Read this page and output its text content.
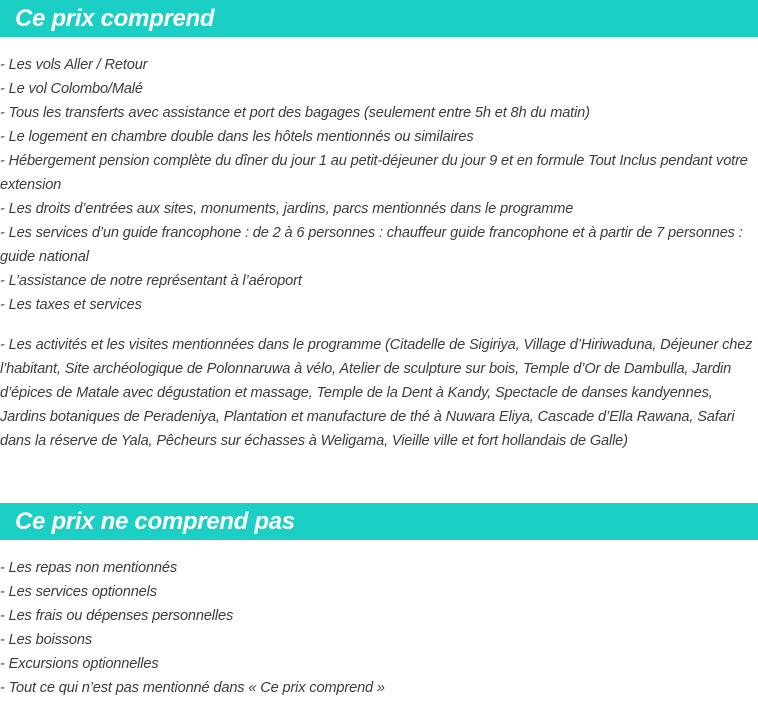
Ce prix comprend
- Les vols Aller / Retour
- Le vol Colombo/Malé
- Tous les transferts avec assistance et port des bagages (seulement entre 5h et 8h du matin)
- Le logement en chambre double dans les hôtels mentionnés ou similaires
- Hébergement pension complète du dîner du jour 1 au petit-déjeuner du jour 9 et en formule Tout Inclus pendant votre extension
- Les droits d’entrées aux sites, monuments, jardins, parcs mentionnés dans le programme
- Les services d’un guide francophone : de 2 à 6 personnes : chauffeur guide francophone et à partir de 7 personnes : guide national
- L’assistance de notre représentant à l’aéroport
- Les taxes et services

- Les activités et les visites mentionnées dans le programme (Citadelle de Sigiriya, Village d’Hiriwaduna, Déjeuner chez l’habitant, Site archéologique de Polonnaruwa à vélo, Atelier de sculpture sur bois, Temple d’Or de Dambulla, Jardin d’épices de Matale avec dégustation et massage, Temple de la Dent à Kandy, Spectacle de danses kandyennes, Jardins botaniques de Peradeniya, Plantation et manufacture de thé à Nuwara Eliya, Cascade d’Ella Rawana, Safari dans la réserve de Yala, Pêcheurs sur échasses à Weligama, Vieille ville et fort hollandais de Galle)

Ce prix ne comprend pas
- Les repas non mentionnés
- Les services optionnels
- Les frais ou dépenses personnelles
- Les boissons
- Excursions optionnelles
- Tout ce qui n’est pas mentionné dans « Ce prix comprend »
